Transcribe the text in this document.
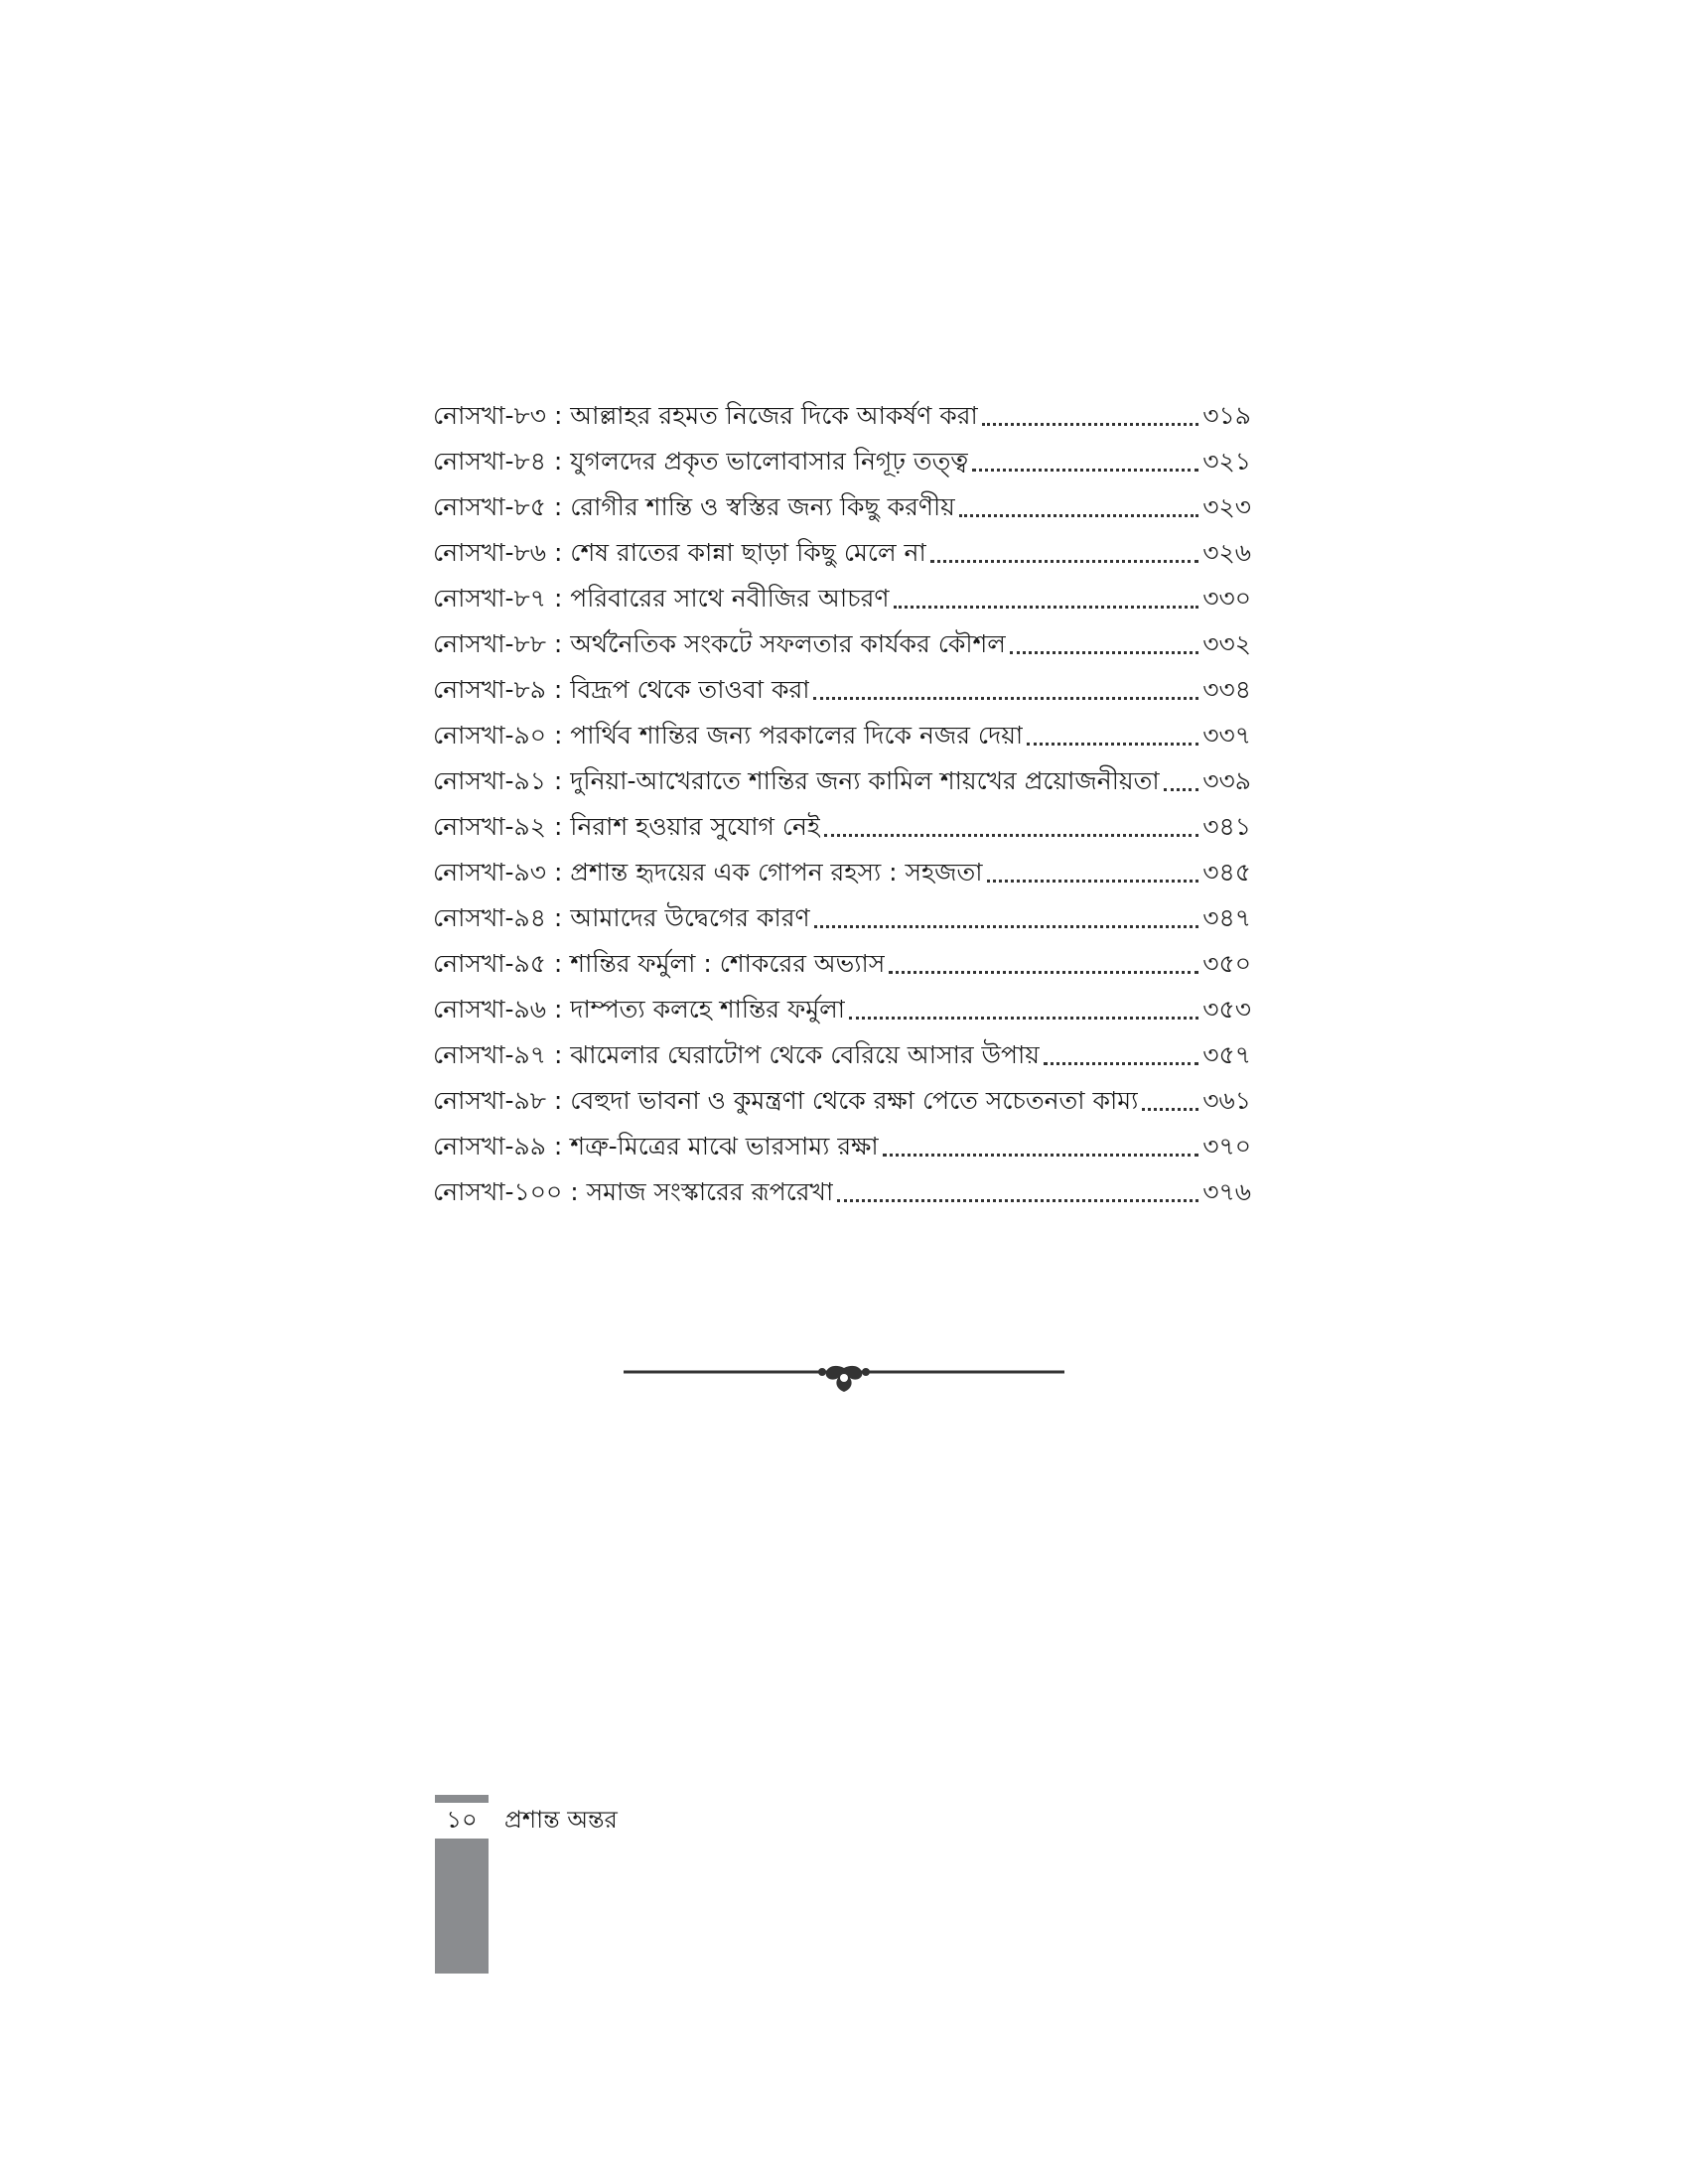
নোসখা-৮৩ : আল্লাহর রহমত নিজের দিকে আকর্ষণ করা	৩১৯
নোসখা-৮৪ : যুগলদের প্রকৃত ভালোবাসার নিগূঢ় তত্ত্ব	৩২১
নোসখা-৮৫ : রোগীর শান্তি ও স্বস্তির জন্য কিছু করণীয়	৩২৩
নোসখা-৮৬ : শেষ রাতের কান্না ছাড়া কিছু মেলে না	৩২৬
নোসখা-৮৭ : পরিবারের সাথে নবীজির আচরণ	৩৩০
নোসখা-৮৮ : অর্থনৈতিক সংকটে সফলতার কার্যকর কৌশল	৩৩২
নোসখা-৮৯ : বিদ্রূপ থেকে তাওবা করা	৩৩৪
নোসখা-৯০ : পার্থিব শান্তির জন্য পরকালের দিকে নজর দেয়া	৩৩৭
নোসখা-৯১ : দুনিয়া-আখেরাতে শান্তির জন্য কামিল শায়খের প্রয়োজনীয়তা ৩৩৯
নোসখা-৯২ : নিরাশ হওয়ার সুযোগ নেই	৩৪১
নোসখা-৯৩ : প্রশান্ত হৃদয়ের এক গোপন রহস্য : সহজতা	৩৪৫
নোসখা-৯৪ : আমাদের উদ্বেগের কারণ	৩৪৭
নোসখা-৯৫ : শান্তির ফর্মুলা : শোকরের অভ্যাস	৩৫০
নোসখা-৯৬ : দাম্পত্য কলহে শান্তির ফর্মুলা	৩৫৩
নোসখা-৯৭ : ঝামেলার ঘেরাটোপ থেকে বেরিয়ে আসার উপায়	৩৫৭
নোসখা-৯৮ : বেহুদা ভাবনা ও কুমন্ত্রণা থেকে রক্ষা পেতে সচেতনতা কাম্য	৩৬১
নোসখা-৯৯ : শত্রু-মিত্রের মাঝে ভারসাম্য রক্ষা	৩৭০
নোসখা-১০০ : সমাজ সংস্কারের রূপরেখা	৩৭৬
১০	প্রশান্ত অন্তর
